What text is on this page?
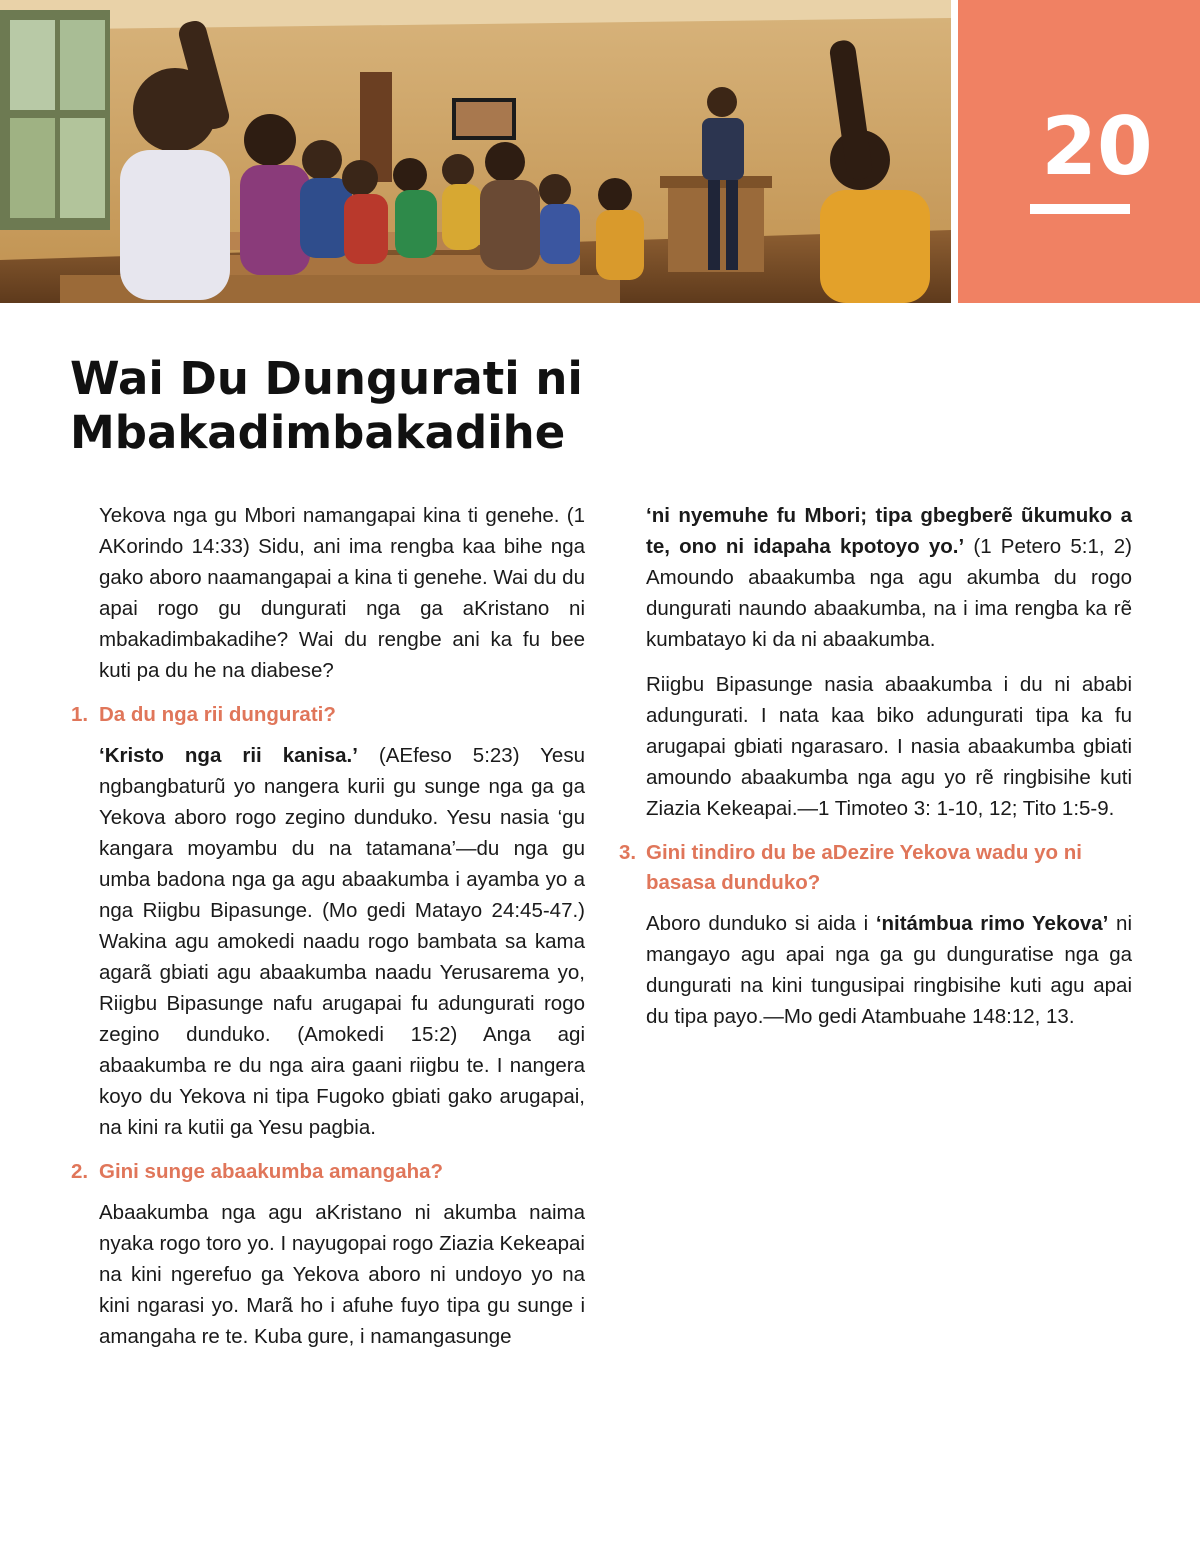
20
Wai Du Dungurati ni Mbakadimbakadihe

Yekova nga gu Mbori namangapai kina ti genehe. (1 AKorindo 14:33) Sidu, ani ima rengba kaa bihe nga gako aboro naamangapai a kina ti genehe. Wai du du apai rogo gu dungurati nga ga aKristano ni mbakadimbakadihe? Wai du rengbe ani ka fu bee kuti pa du he na diabese?

1. Da du nga rii dungurati?

‘Kristo nga rii kanisa.’ (AEfeso 5:23) Yesu ngbangbaturũ yo nangera kurii gu sunge nga ga ga Yekova aboro rogo zegino dunduko. Yesu nasia ‘gu kangara moyambu du na tatamana’—du nga gu umba badona nga ga agu abaakumba i ayamba yo a nga Riigbu Bipasunge. (Mo gedi Matayo 24:45-47.) Wakina agu amokedi naadu rogo bambata sa kama agarã gbiati agu abaakumba naadu Yerusarema yo, Riigbu Bipasunge nafu arugapai fu adungurati rogo zegino dunduko. (Amokedi 15:2) Anga agi abaakumba re du nga aira gaani riigbu te. I nangera koyo du Yekova ni tipa Fugoko gbiati gako arugapai, na kini ra kutii ga Yesu pagbia.

2. Gini sunge abaakumba amangaha?

Abaakumba nga agu aKristano ni akumba naima nyaka rogo toro yo. I nayugopai rogo Ziazia Kekeapai na kini ngerefuo ga Yekova aboro ni undoyo yo na kini ngarasi yo. Marã ho i afuhe fuyo tipa gu sunge i amangaha re te. Kuba gure, i namangasunge

‘ni nyemuhe fu Mbori; tipa gbegberẽ ũkumuko a te, ono ni idapaha kpotoyo yo.’ (1 Petero 5:1, 2) Amoundo abaakumba nga agu akumba du rogo dungurati naundo abaakumba, na i ima rengba ka rẽ kumbatayo ki da ni abaakumba.

Riigbu Bipasunge nasia abaakumba i du ni ababi adungurati. I nata kaa biko adungurati tipa ka fu arugapai gbiati ngarasaro. I nasia abaakumba gbiati amoundo abaakumba nga agu yo rẽ ringbisihe kuti Ziazia Kekeapai.—1 Timoteo 3: 1-10, 12; Tito 1:5-9.

3. Gini tindiro du be aDezire Yekova wadu yo ni basasa dunduko?

Aboro dunduko si aida i ‘nitámbua rimo Yekova’ ni mangayo agu apai nga ga gu dunguratise nga ga dungurati na kini tungusipai ringbisihe kuti agu apai du tipa payo.—Mo gedi Atambuahe 148:12, 13.
